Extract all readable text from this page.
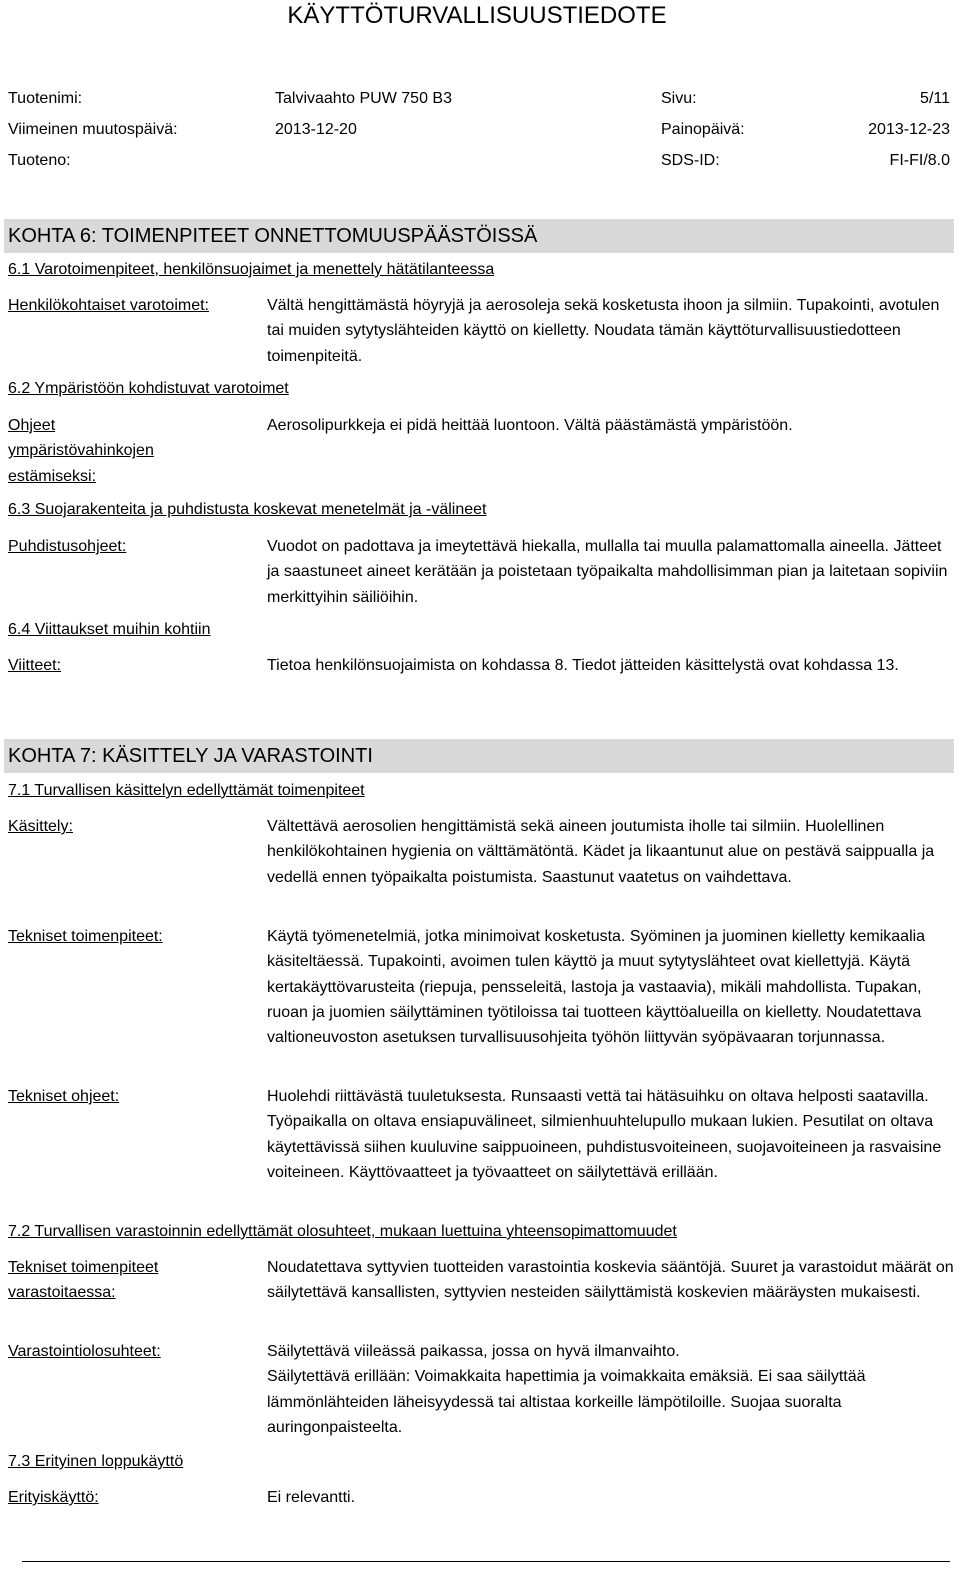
KÄYTTÖTURVALLISUUSTIEDOTE
Tuotenimi:	Talvivaahto PUW 750 B3	Sivu:	5/11
Viimeinen muutospäivä:	2013-12-20	Painopäivä:	2013-12-23
Tuoteno:	SDS-ID:	FI-FI/8.0
KOHTA 6: TOIMENPITEET ONNETTOMUUSPÄÄSTÖISSÄ
6.1 Varotoimenpiteet, henkilönsuojaimet ja menettely hätätilanteessa
Henkilökohtaiset varotoimet:	Vältä hengittämästä höyryjä ja aerosoleja sekä kosketusta ihoon ja silmiin. Tupakointi, avotulen tai muiden sytytyslähteiden käyttö on kielletty. Noudata tämän käyttöturvallisuustiedotteen toimenpiteitä.
6.2 Ympäristöön kohdistuvat varotoimet
Ohjeet
ympäristövahinkojen
estämiseksi:
Aerosolipurkkeja ei pidä heittää luontoon. Vältä päästämästä ympäristöön.
6.3 Suojarakenteita ja puhdistusta koskevat menetelmät ja -välineet
Puhdistusohjeet:	Vuodot on padottava ja imeytettävä hiekalla, mullalla tai muulla palamattomalla aineella. Jätteet ja saastuneet aineet kerätään ja poistetaan työpaikalta mahdollisimman pian ja laitetaan sopiviin merkittyihin säiliöihin.
6.4 Viittaukset muihin kohtiin
Viitteet:	Tietoa henkilönsuojaimista on kohdassa 8. Tiedot jätteiden käsittelystä ovat kohdassa 13.
KOHTA 7: KÄSITTELY JA VARASTOINTI
7.1 Turvallisen käsittelyn edellyttämät toimenpiteet
Käsittely:	Vältettävä aerosolien hengittämistä sekä aineen joutumista iholle tai silmiin. Huolellinen henkilökohtainen hygienia on välttämätöntä. Kädet ja likaantunut alue on pestävä saippualla ja vedellä ennen työpaikalta poistumista. Saastunut vaatetus on vaihdettava.
Tekniset toimenpiteet:	Käytä työmenetelmiä, jotka minimoivat kosketusta. Syöminen ja juominen kielletty kemikaalia käsiteltäessä. Tupakointi, avoimen tulen käyttö ja muut sytytyslähteet ovat kiellettyjä. Käytä kertakäyttövarusteita (riepuja, pensseleitä, lastoja ja vastaavia), mikäli mahdollista. Tupakan, ruoan ja juomien säilyttäminen työtiloissa tai tuotteen käyttöalueilla on kielletty. Noudatettava valtioneuvoston asetuksen turvallisuusohjeita työhön liittyvän syöpävaaran torjunnassa.
Tekniset ohjeet:	Huolehdi riittävästä tuuletuksesta. Runsaasti vettä tai hätäsuihku on oltava helposti saatavilla. Työpaikalla on oltava ensiapuvälineet, silmienhuuhtelupullo mukaan lukien. Pesutilat on oltava käytettävissä siihen kuuluvine saippuoineen, puhdistusvoiteineen, suojavoiteineen ja rasvaisine voiteineen. Käyttövaatteet ja työvaatteet on säilytettävä erillään.
7.2 Turvallisen varastoinnin edellyttämät olosuhteet, mukaan luettuina yhteensopimattomuudet
Tekniset toimenpiteet
varastoitaessa:
Noudatettava syttyvien tuotteiden varastointia koskevia sääntöjä. Suuret ja varastoidut määrät on säilytettävä kansallisten, syttyvien nesteiden säilyttämistä koskevien määräysten mukaisesti.
Varastointiolosuhteet:	Säilytettävä viileässä paikassa, jossa on hyvä ilmanvaihto.
Säilytettävä erillään: Voimakkaita hapettimia ja voimakkaita emäksiä. Ei saa säilyttää lämmönlähteiden läheisyydessä tai altistaa korkeille lämpötiloille. Suojaa suoralta auringonpaisteelta.
7.3 Erityinen loppukäyttö
Erityiskäyttö:	Ei relevantti.
